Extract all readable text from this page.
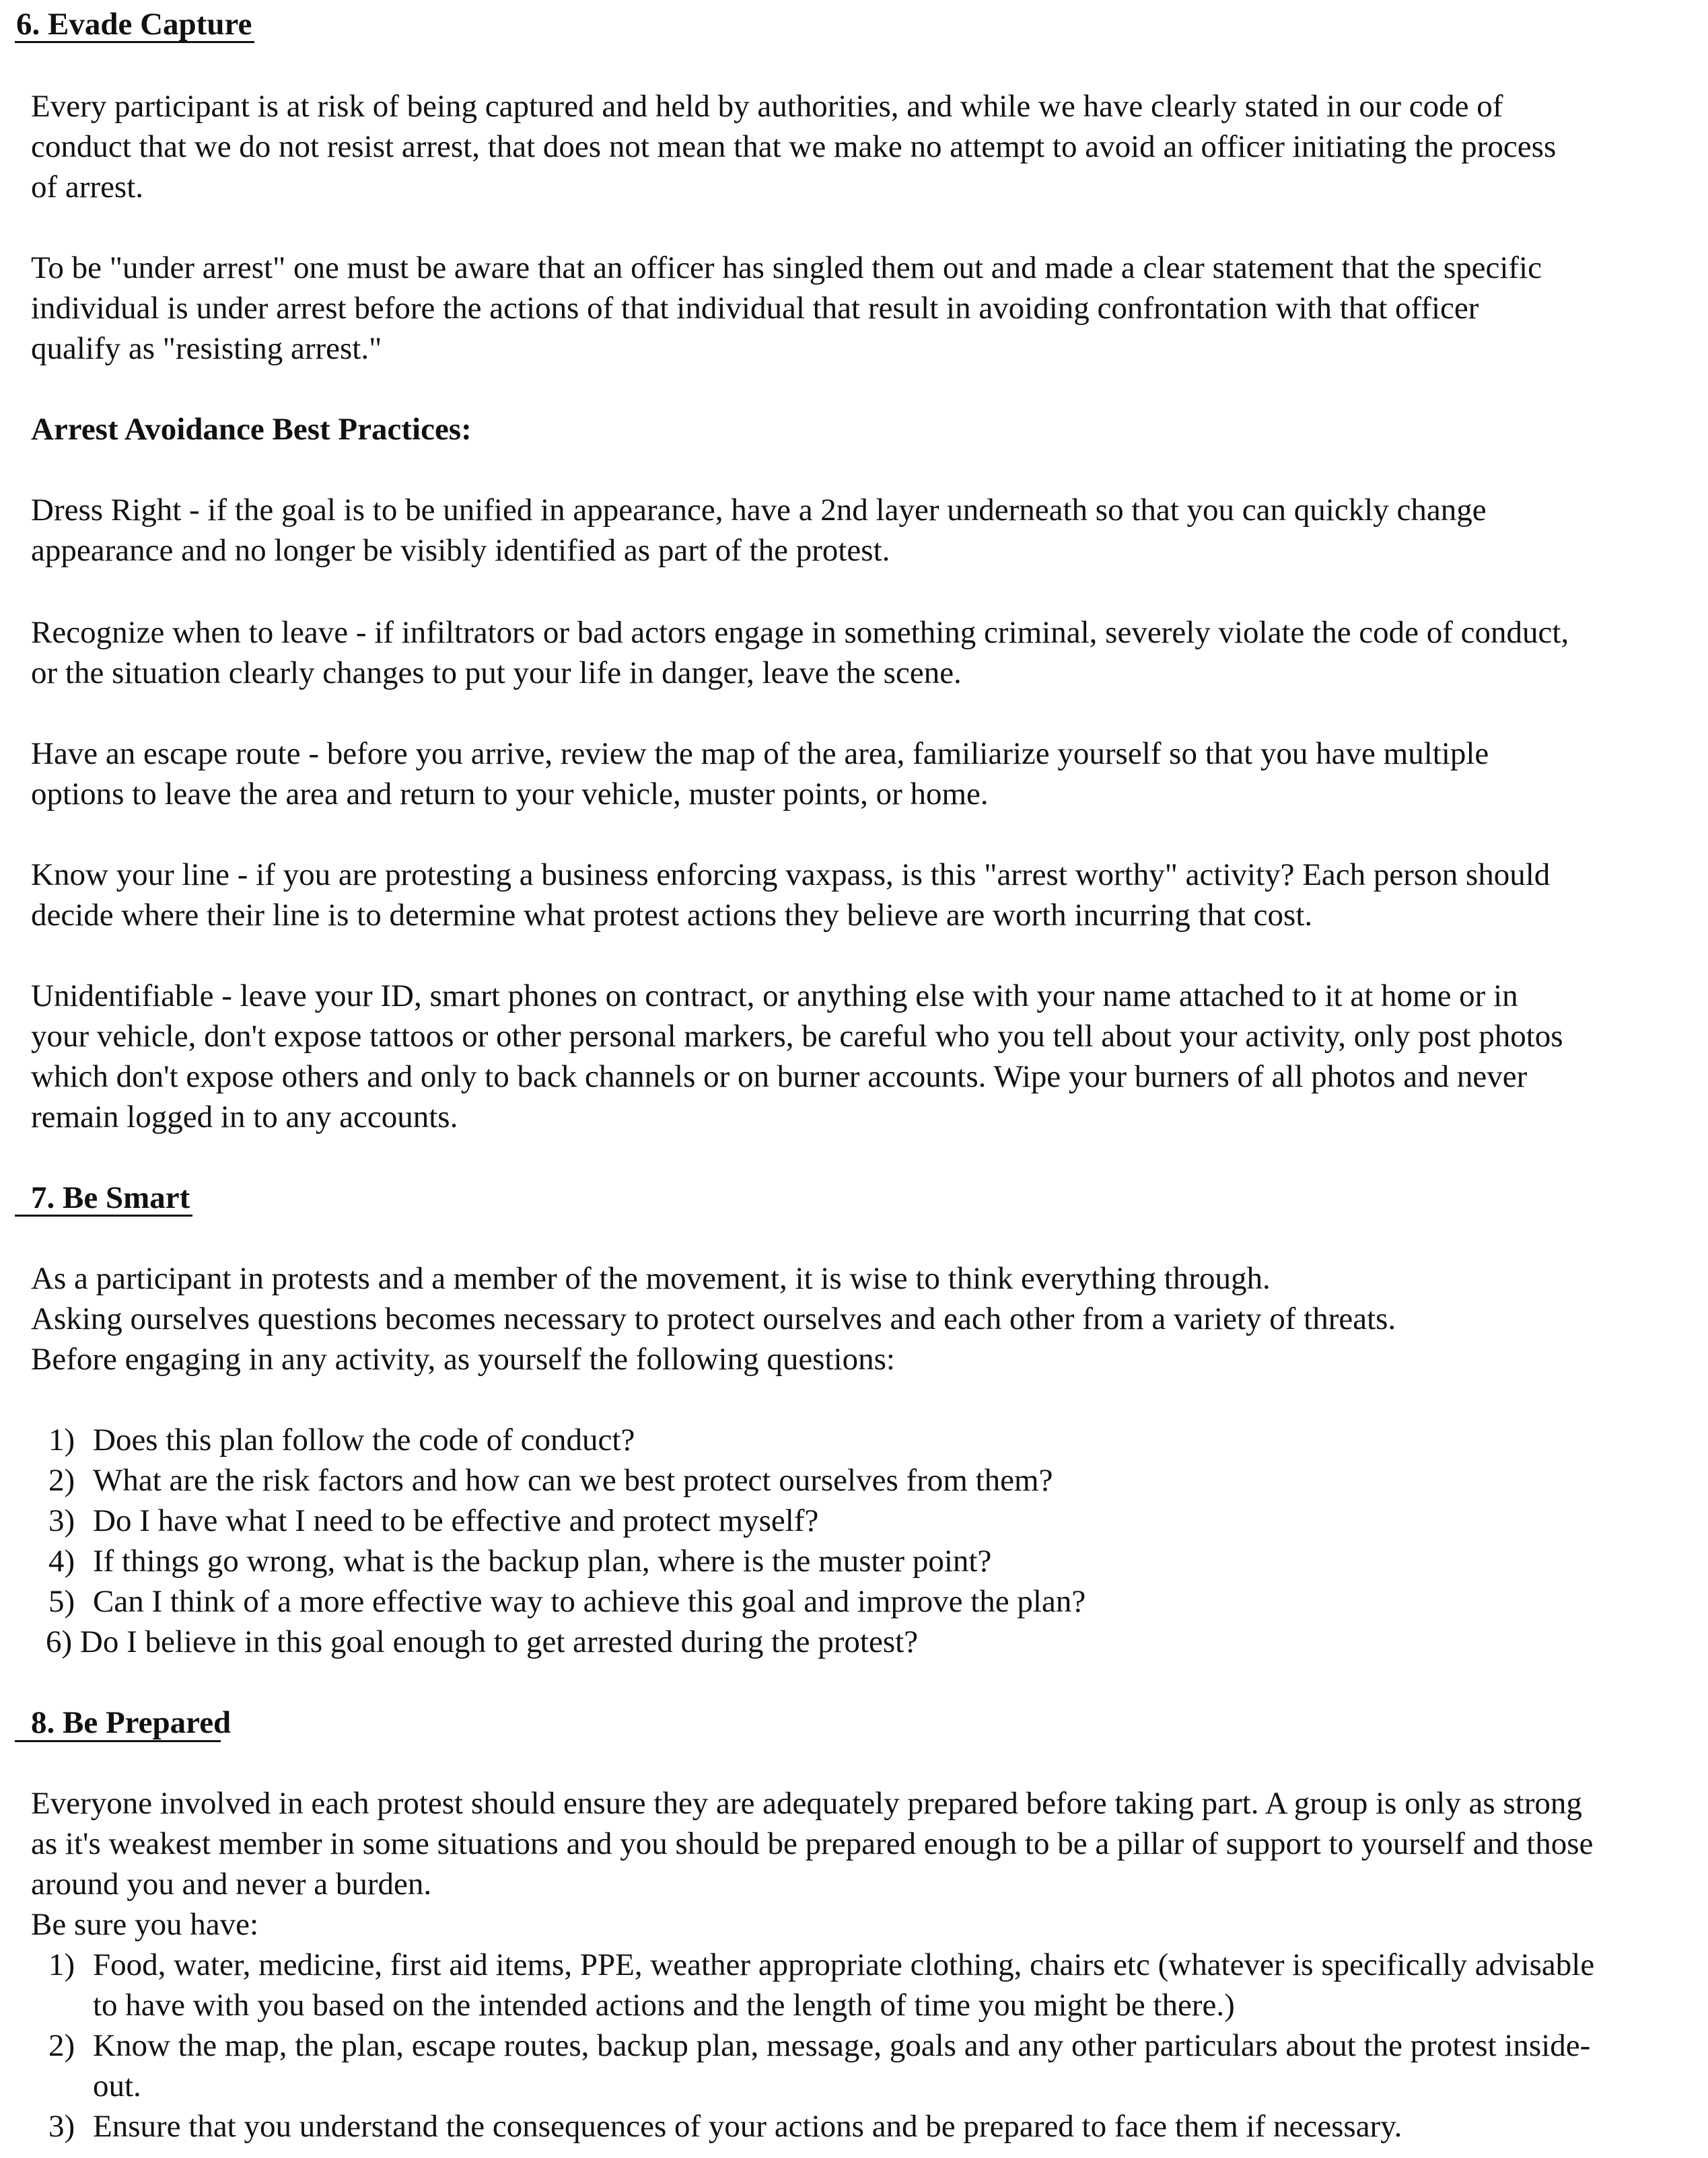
6. Evade Capture
Every participant is at risk of being captured and held by authorities, and while we have clearly stated in our code of
conduct that we do not resist arrest, that does not mean that we make no attempt to avoid an officer initiating the process
of arrest.
To be "under arrest" one must be aware that an officer has singled them out and made a clear statement that the specific
individual is under arrest before the actions of that individual that result in avoiding confrontation with that officer
qualify as "resisting arrest."
Arrest Avoidance Best Practices:
Dress Right - if the goal is to be unified in appearance, have a 2nd layer underneath so that you can quickly change
appearance and no longer be visibly identified as part of the protest.
Recognize when to leave - if infiltrators or bad actors engage in something criminal, severely violate the code of conduct,
or the situation clearly changes to put your life in danger, leave the scene.
Have an escape route - before you arrive, review the map of the area, familiarize yourself so that you have multiple
options to leave the area and return to your vehicle, muster points, or home.
Know your line - if you are protesting a business enforcing vaxpass, is this "arrest worthy" activity? Each person should
decide where their line is to determine what protest actions they believe are worth incurring that cost.
Unidentifiable - leave your ID, smart phones on contract, or anything else with your name attached to it at home or in
your vehicle, don't expose tattoos or other personal markers, be careful who you tell about your activity, only post photos
which don't expose others and only to back channels or on burner accounts. Wipe your burners of all photos and never
remain logged in to any accounts.
7. Be Smart
As a participant in protests and a member of the movement, it is wise to think everything through.
Asking ourselves questions becomes necessary to protect ourselves and each other from a variety of threats.
Before engaging in any activity, as yourself the following questions:
1) Does this plan follow the code of conduct?
2) What are the risk factors and how can we best protect ourselves from them?
3) Do I have what I need to be effective and protect myself?
4) If things go wrong, what is the backup plan, where is the muster point?
5) Can I think of a more effective way to achieve this goal and improve the plan?
6) Do I believe in this goal enough to get arrested during the protest?
8. Be Prepared
Everyone involved in each protest should ensure they are adequately prepared before taking part. A group is only as strong
as it's weakest member in some situations and you should be prepared enough to be a pillar of support to yourself and those
around you and never a burden.
Be sure you have:
1) Food, water, medicine, first aid items, PPE, weather appropriate clothing, chairs etc (whatever is specifically advisable
to have with you based on the intended actions and the length of time you might be there.)
2) Know the map, the plan, escape routes, backup plan, message, goals and any other particulars about the protest inside-
out.
3) Ensure that you understand the consequences of your actions and be prepared to face them if necessary.
